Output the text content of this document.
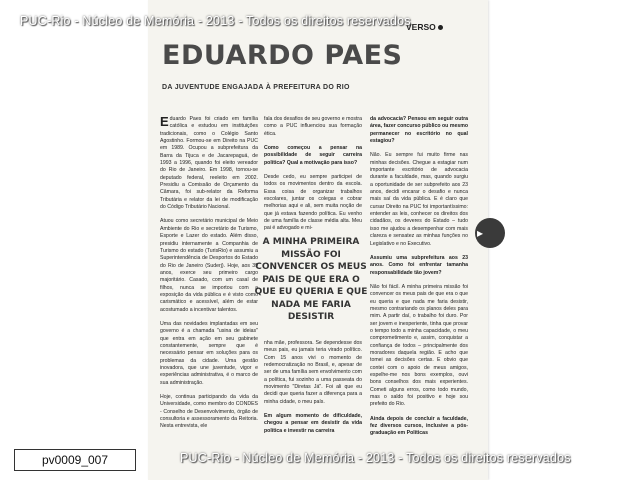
VERSO
EDUARDO PAES
DA JUVENTUDE ENGAJADA À PREFEITURA DO RIO

Eduardo Paes foi criado em família católica e estudou em instituições tradicionais, como o Colégio Santo Agostinho. Formou-se em Direito na PUC em 1989. Ocupou a subprefeitura da Barra da Tijuca e de Jacarepaguá, de 1993 a 1996, quando foi eleito vereador do Rio de Janeiro. Em 1998, tornou-se deputado federal, reeleito em 2002. Presidiu a Comissão de Orçamento da Câmara, foi sub-relator da Reforma Tributária e relator da lei de modificação do Código Tributário Nacional.

Atuou como secretário municipal de Meio Ambiente do Rio e secretário de Turismo, Esporte e Lazer do estado. Além disso, presidiu internamente a Companhia de Turismo do estado (TurisRio) e assumiu a Superintendência de Desportos do Estado do Rio de Janeiro (Suderj). Hoje, aos 39 anos, exerce seu primeiro cargo majoritário. Casado, com um casal de filhos, nunca se importou com a exposição da vida pública e é visto como carismático e acessível, além de estar acostumado a incentivar talentos.

Uma das novidades implantadas em seu governo é a chamada "usina de ideias" que entra em ação em seu gabinete constantemente, sempre que é necessário pensar em soluções para os problemas da cidade. Uma gestão inovadora, que une juventude, vigor e experiências administrativa, é o marco de sua administração.

Hoje, continua participando da vida da Universidade, como membro do CONDES - Conselho de Desenvolvimento, órgão de consultoria e assessoramento da Reitoria. Nesta entrevista, ele

fala dos desafios de seu governo e mostra como a PUC influenciou sua formação ética.

Como começou a pensar na possibilidade de seguir carreira política? Qual a motivação para isso?

Desde cedo, eu sempre participei de todos os movimentos dentro da escola. Essa coisa de organizar trabalhos escolares, juntar os colegas e cobrar melhorias aqui e ali, sem muita noção de que já estava fazendo política. Eu venho de uma família de classe média alta. Meu pai é advogado e mi-

A MINHA PRIMEIRA MISSÃO FOI CONVENCER OS MEUS PAIS DE QUE ERA O QUE EU QUERIA E QUE NADA ME FARIA DESISTIR

nha mãe, professora. Se dependesse dos meus pais, eu jamais teria virado político. Com 15 anos vivi o momento de redemocratização no Brasil, e, apesar de ser de uma família sem envolvimento com a política, fui sozinho a uma passeata do movimento "Diretas Já". Foi ali que eu decidi que queria fazer a diferença para a minha cidade, o meu país.

Em algum momento de dificuldade, chegou a pensar em desistir da vida política e investir na carreira

da advocacia? Pensou em seguir outra área, fazer concurso público ou mesmo permanecer no escritório no qual estagiou?

Não. Eu sempre fui muito firme nas minhas decisões. Chegue a estagiar num importante escritório de advocacia durante a faculdade, mas, quando surgiu a oportunidade de ser subprefeito aos 23 anos, decidi encarar o desafio e nunca mais saí da vida pública. E é claro que cursar Direito na PUC foi importantíssimo: entender as leis, conhecer os direitos dos cidadãos, os deveres do Estado – tudo isso me ajudou a desempenhar com mais clareza e sensatez as minhas funções no Legislativo e no Executivo.

Assumiu uma subprefeitura aos 23 anos. Como foi enfrentar tamanha responsabilidade tão jovem?

Não foi fácil. A minha primeira missão foi convencer os meus pais de que era o que eu queria e que nada me faria desistir, mesmo contrariando os planos deles para mim. A partir daí, o trabalho foi duro. Por ser jovem e inexperiente, tinha que provar o tempo todo a minha capacidade, o meu comprometimento e, assim, conquistar a confiança de todos – principalmente dos moradores daquela região. E acho que tomei as decisões certas. E obvio que contei com o apoio de meus amigos, espelhe-me nos bons exemplos, ouvi bons conselhos dos mais experientes. Cometi alguns erros, como todo mundo, mas o saldo foi positivo e hoje sou prefeito do Rio.

Ainda depois de concluir a faculdade, fez diversos cursos, inclusive a pós-graduação em Políticas

▸
PUC-Rio - Núcleo de Memória - 2013 - Todos os direitos reservados
PUC-Rio - Núcleo de Memória - 2013 - Todos os direitos reservados
pv0009_007
